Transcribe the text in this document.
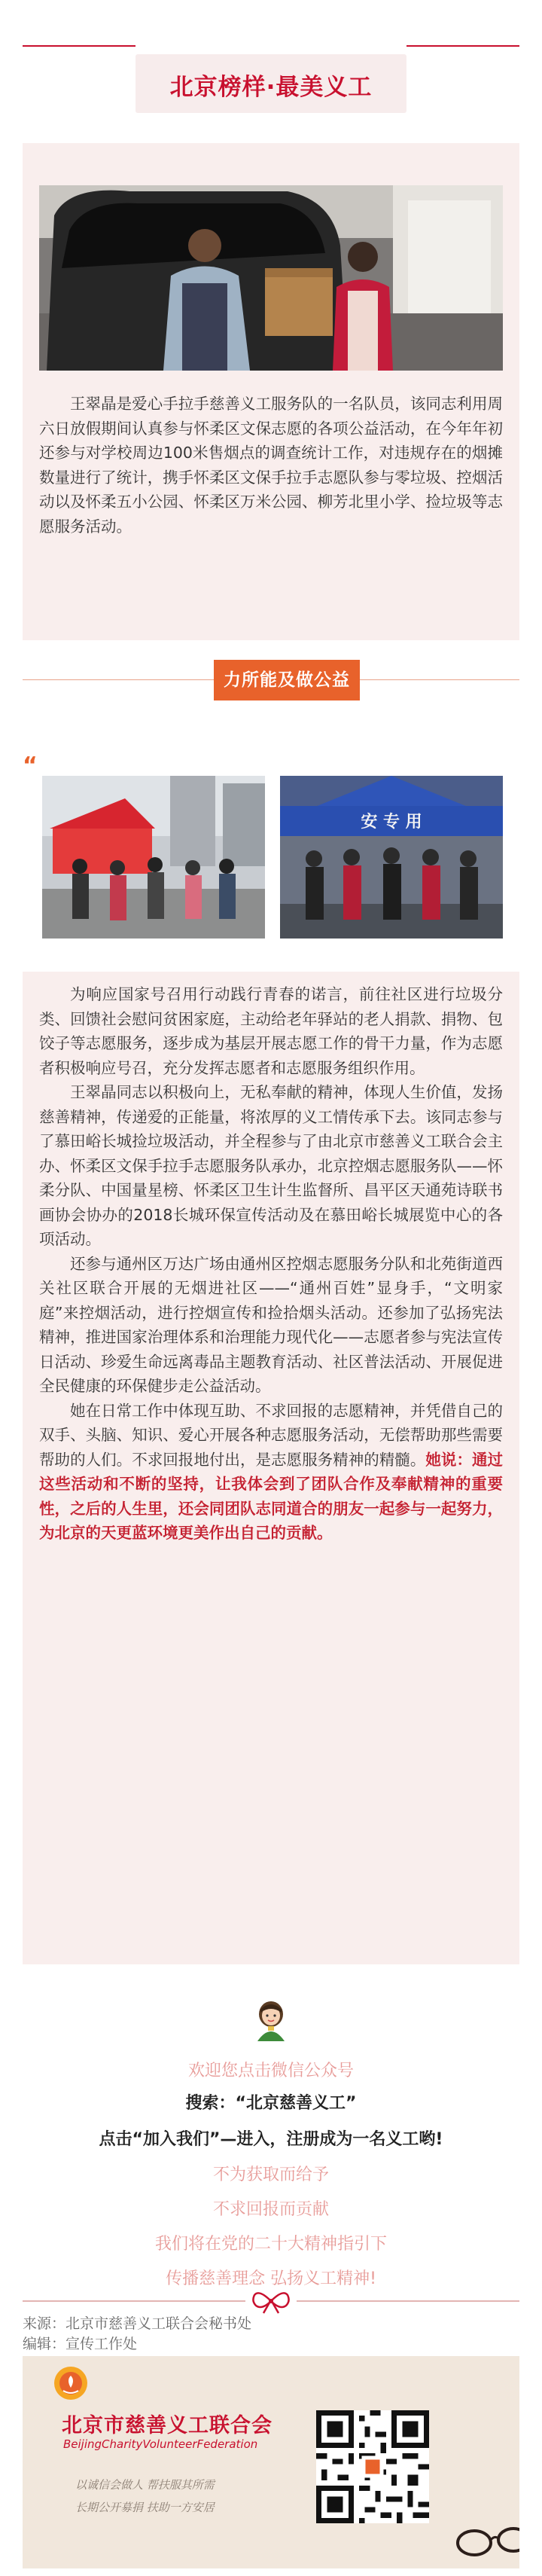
北京榜样·最美义工

王翠晶是爱心手拉手慈善义工服务队的一名队员，该同志利用周六日放假期间认真参与怀柔区文保志愿的各项公益活动，在今年年初还参与对学校周边100米售烟点的调查统计工作，对违规存在的烟摊数量进行了统计，携手怀柔区文保手拉手志愿队参与零垃圾、控烟活动以及怀柔五小公园、怀柔区万米公园、柳芳北里小学、捡垃圾等志愿服务活动。

力所能及做公益
“
安 专 用

为响应国家号召用行动践行青春的诺言，前往社区进行垃圾分类、回馈社会慰问贫困家庭，主动给老年驿站的老人捐款、捐物、包饺子等志愿服务，逐步成为基层开展志愿工作的骨干力量，作为志愿者积极响应号召，充分发挥志愿者和志愿服务组织作用。

王翠晶同志以积极向上，无私奉献的精神，体现人生价值，发扬慈善精神，传递爱的正能量，将浓厚的义工情传承下去。该同志参与了慕田峪长城捡垃圾活动，并全程参与了由北京市慈善义工联合会主办、怀柔区文保手拉手志愿服务队承办，北京控烟志愿服务队——怀柔分队、中国量星榜、怀柔区卫生计生监督所、昌平区天通苑诗联书画协会协办的2018长城环保宣传活动及在慕田峪长城展览中心的各项活动。

还参与通州区万达广场由通州区控烟志愿服务分队和北苑街道西关社区联合开展的无烟进社区——“通州百姓”显身手，“文明家庭”来控烟活动，进行控烟宣传和捡拾烟头活动。还参加了弘扬宪法精神，推进国家治理体系和治理能力现代化——志愿者参与宪法宣传日活动、珍爱生命远离毒品主题教育活动、社区普法活动、开展促进全民健康的环保健步走公益活动。

她在日常工作中体现互助、不求回报的志愿精神，并凭借自己的双手、头脑、知识、爱心开展各种志愿服务活动，无偿帮助那些需要帮助的人们。不求回报地付出，是志愿服务精神的精髓。她说：通过这些活动和不断的坚持，让我体会到了团队合作及奉献精神的重要性，之后的人生里，还会同团队志同道合的朋友一起参与一起努力，为北京的天更蓝环境更美作出自己的贡献。

欢迎您点击微信公众号
搜索：“北京慈善义工”
点击“加入我们”—进入，注册成为一名义工哟!
不为获取而给予
不求回报而贡献
我们将在党的二十大精神指引下
传播慈善理念 弘扬义工精神!
来源：北京市慈善义工联合会秘书处
编辑：宣传工作处
北京市慈善义工联合会
BeijingCharityVolunteerFederation
以诚信会做人 帮扶服其所需
长期公开募捐 扶助一方安居
